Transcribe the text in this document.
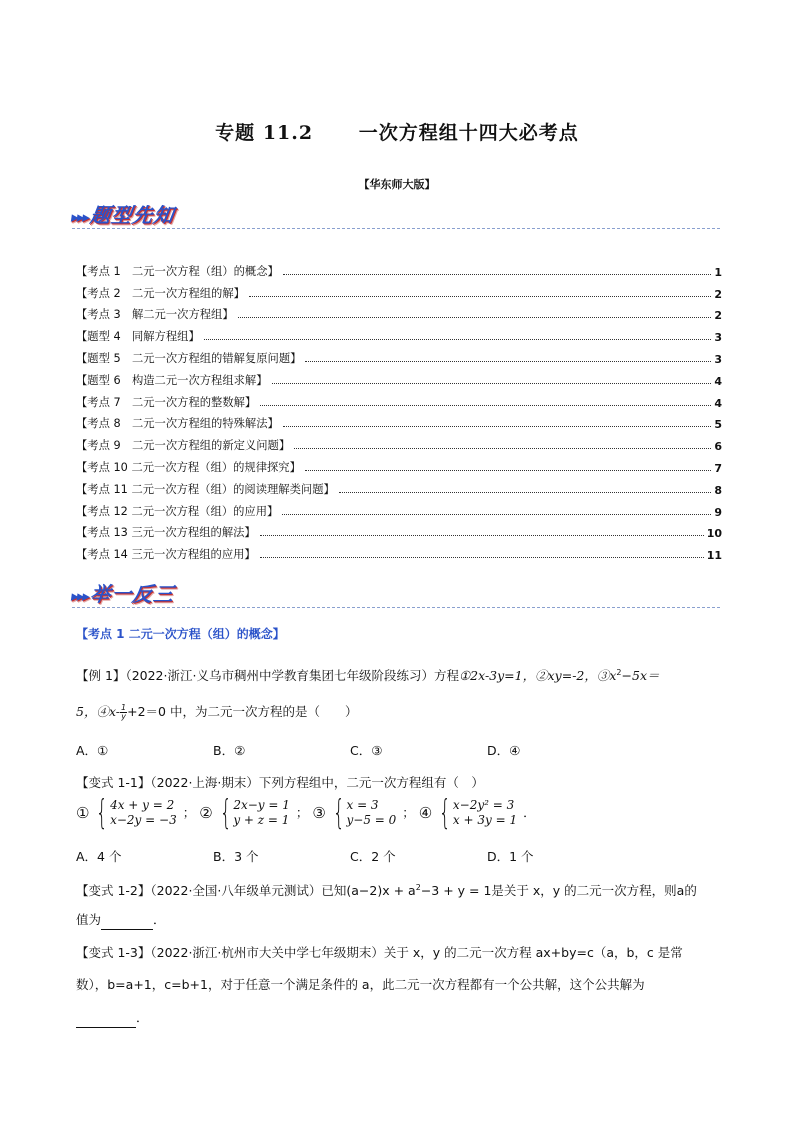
专题 11.2 一次方程组十四大必考点
【华东师大版】
▸▸▸题型先知
【考点 1　二元一次方程（组）的概念】	1
【考点 2　二元一次方程组的解】	2
【考点 3　解二元一次方程组】	2
【题型 4　同解方程组】	3
【题型 5　二元一次方程组的错解复原问题】	3
【题型 6　构造二元一次方程组求解】	4
【考点 7　二元一次方程的整数解】	4
【考点 8　二元一次方程组的特殊解法】	5
【考点 9　二元一次方程组的新定义问题】	6
【考点 10 二元一次方程（组）的规律探究】	7
【考点 11 二元一次方程（组）的阅读理解类问题】	8
【考点 12 二元一次方程（组）的应用】	9
【考点 13 三元一次方程组的解法】	10
【考点 14 三元一次方程组的应用】	11
▸▸▸举一反三
【考点 1 二元一次方程（组）的概念】
【例 1】（2022·浙江·义乌市稠州中学教育集团七年级阶段练习）方程①2x-3y=1，②xy=-2，$③x^2-5x=$
5，④x- $\frac{1}{y} +2=0$ 中，为二元一次方程的是（　　）
A．①	B．②	C．③	D．④
【变式 1-1】（2022·上海·期末）下列方程组中，二元一次方程组有（　）
① { 4x + y = 2
x−2y = −3 ； ② { 2x−y = 1
y + z = 1 ； ③ { x = 3
y−5 = 0 ； ④ { x−2y² = 3
x + 3y = 1 ．
A．4 个	B．3 个	C．2 个	D．1 个
【变式 1-2】（2022·全国·八年级单元测试）已知$(a-2)x + a^2-3 + y = 1$是关于 x，y 的二元一次方程，则a的
值为	．
【变式 1-3】（2022·浙江·杭州市大关中学七年级期末）关于 x，y 的二元一次方程 ax+by=c（a，b，c 是常
数），b=a+1，c=b+1，对于任意一个满足条件的 a，此二元一次方程都有一个公共解，这个公共解为
．
